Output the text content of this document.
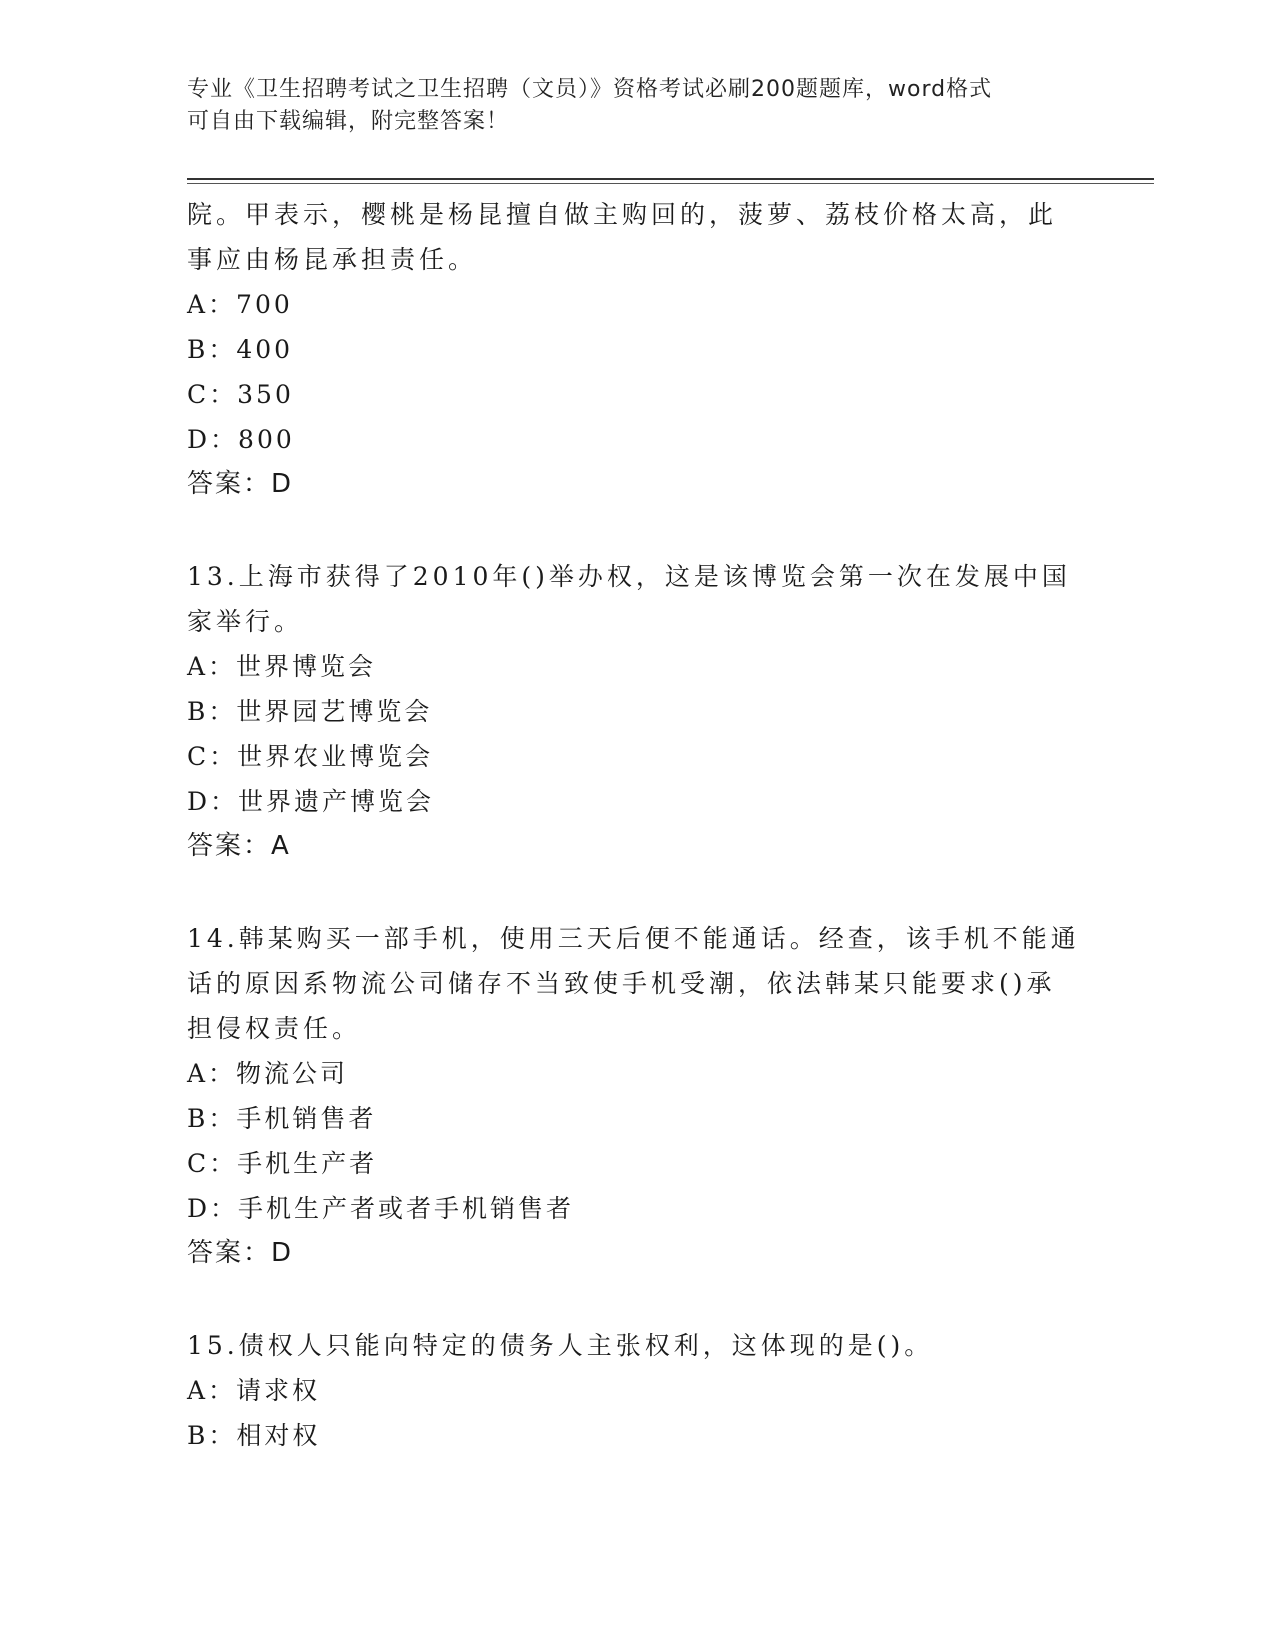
专业《卫生招聘考试之卫生招聘（文员）》资格考试必刷200题题库，word格式
可自由下载编辑，附完整答案！

院。甲表示，樱桃是杨昆擅自做主购回的，菠萝、荔枝价格太高，此

事应由杨昆承担责任。

A：700

B：400

C：350

D：800

答案：D

13.上海市获得了2010年()举办权，这是该博览会第一次在发展中国

家举行。

A：世界博览会

B：世界园艺博览会

C：世界农业博览会

D：世界遗产博览会

答案：A

14.韩某购买一部手机，使用三天后便不能通话。经查，该手机不能通

话的原因系物流公司储存不当致使手机受潮，依法韩某只能要求()承

担侵权责任。

A：物流公司

B：手机销售者

C：手机生产者

D：手机生产者或者手机销售者

答案：D

15.债权人只能向特定的债务人主张权利，这体现的是()。

A：请求权

B：相对权
